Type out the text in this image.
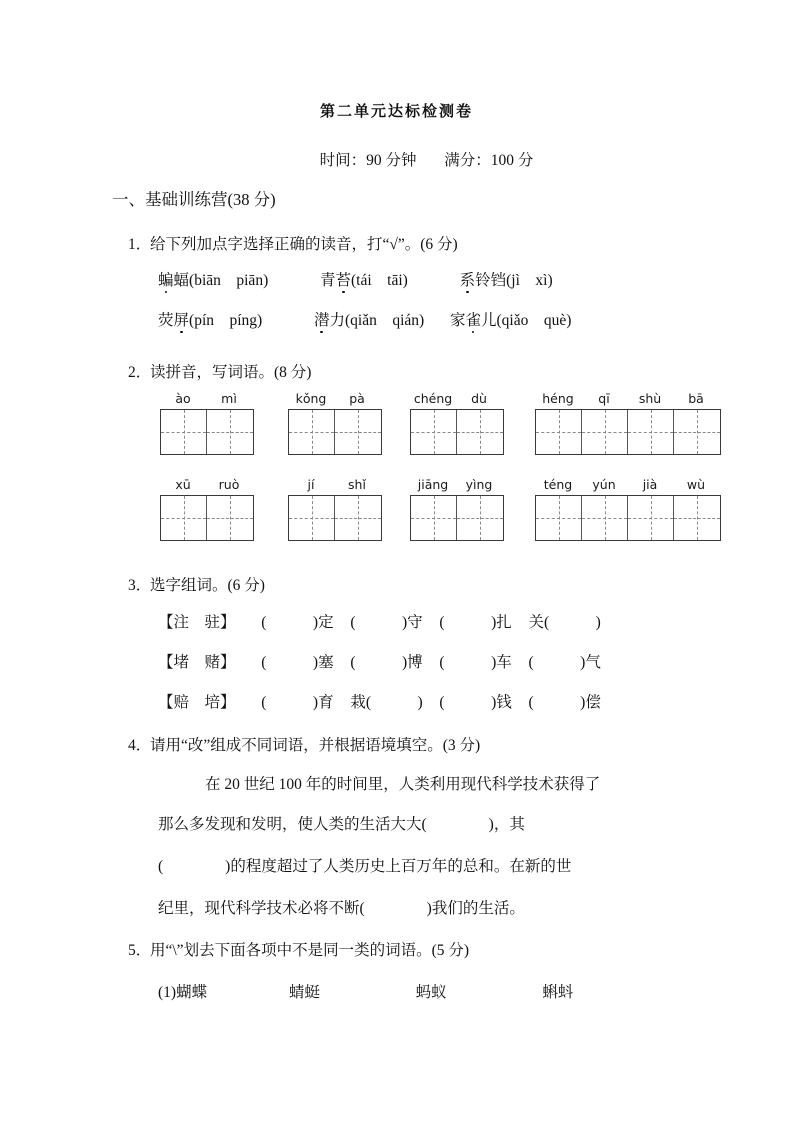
第二单元达标检测卷
时间：90 分钟 满分：100 分
一、基础训练营(38 分)
1．给下列加点字选择正确的读音，打“√”。(6 分)
蝙蝠(biān　piān)	青苔(tái　tāi)	系铃铛(jì　xì)
荧屏(pín　píng)	潜力(qiǎn　qián) 家雀儿(qiǎo　què)
2．读拼音，写词语。(8 分)
ào	mì	kǒng	pà	chéng	dù	héng	qī	shù	bā
xū	ruò	jí	shǐ	jiāng	yìng	téng	yún	jià	wù
3．选字组词。(6 分)
【注　驻】 (　　　)定 (　　　)守 (　　　)扎 关(　　　)
【堵　赌】 (　　　)塞 (　　　)博 (　　　)车 (　　　)气
【赔　培】 (　　　)育 栽(　　　) (　　　)钱 (　　　)偿
4．请用“改”组成不同词语，并根据语境填空。(3 分)
在 20 世纪 100 年的时间里，人类利用现代科学技术获得了
那么多发现和发明，使人类的生活大大(　　　　)，其
(　　　　)的程度超过了人类历史上百万年的总和。在新的世
纪里，现代科学技术必将不断(　　　　)我们的生活。
5．用“\”划去下面各项中不是同一类的词语。(5 分)
(1)蝴蝶	蜻蜓	蚂蚁	蝌蚪
